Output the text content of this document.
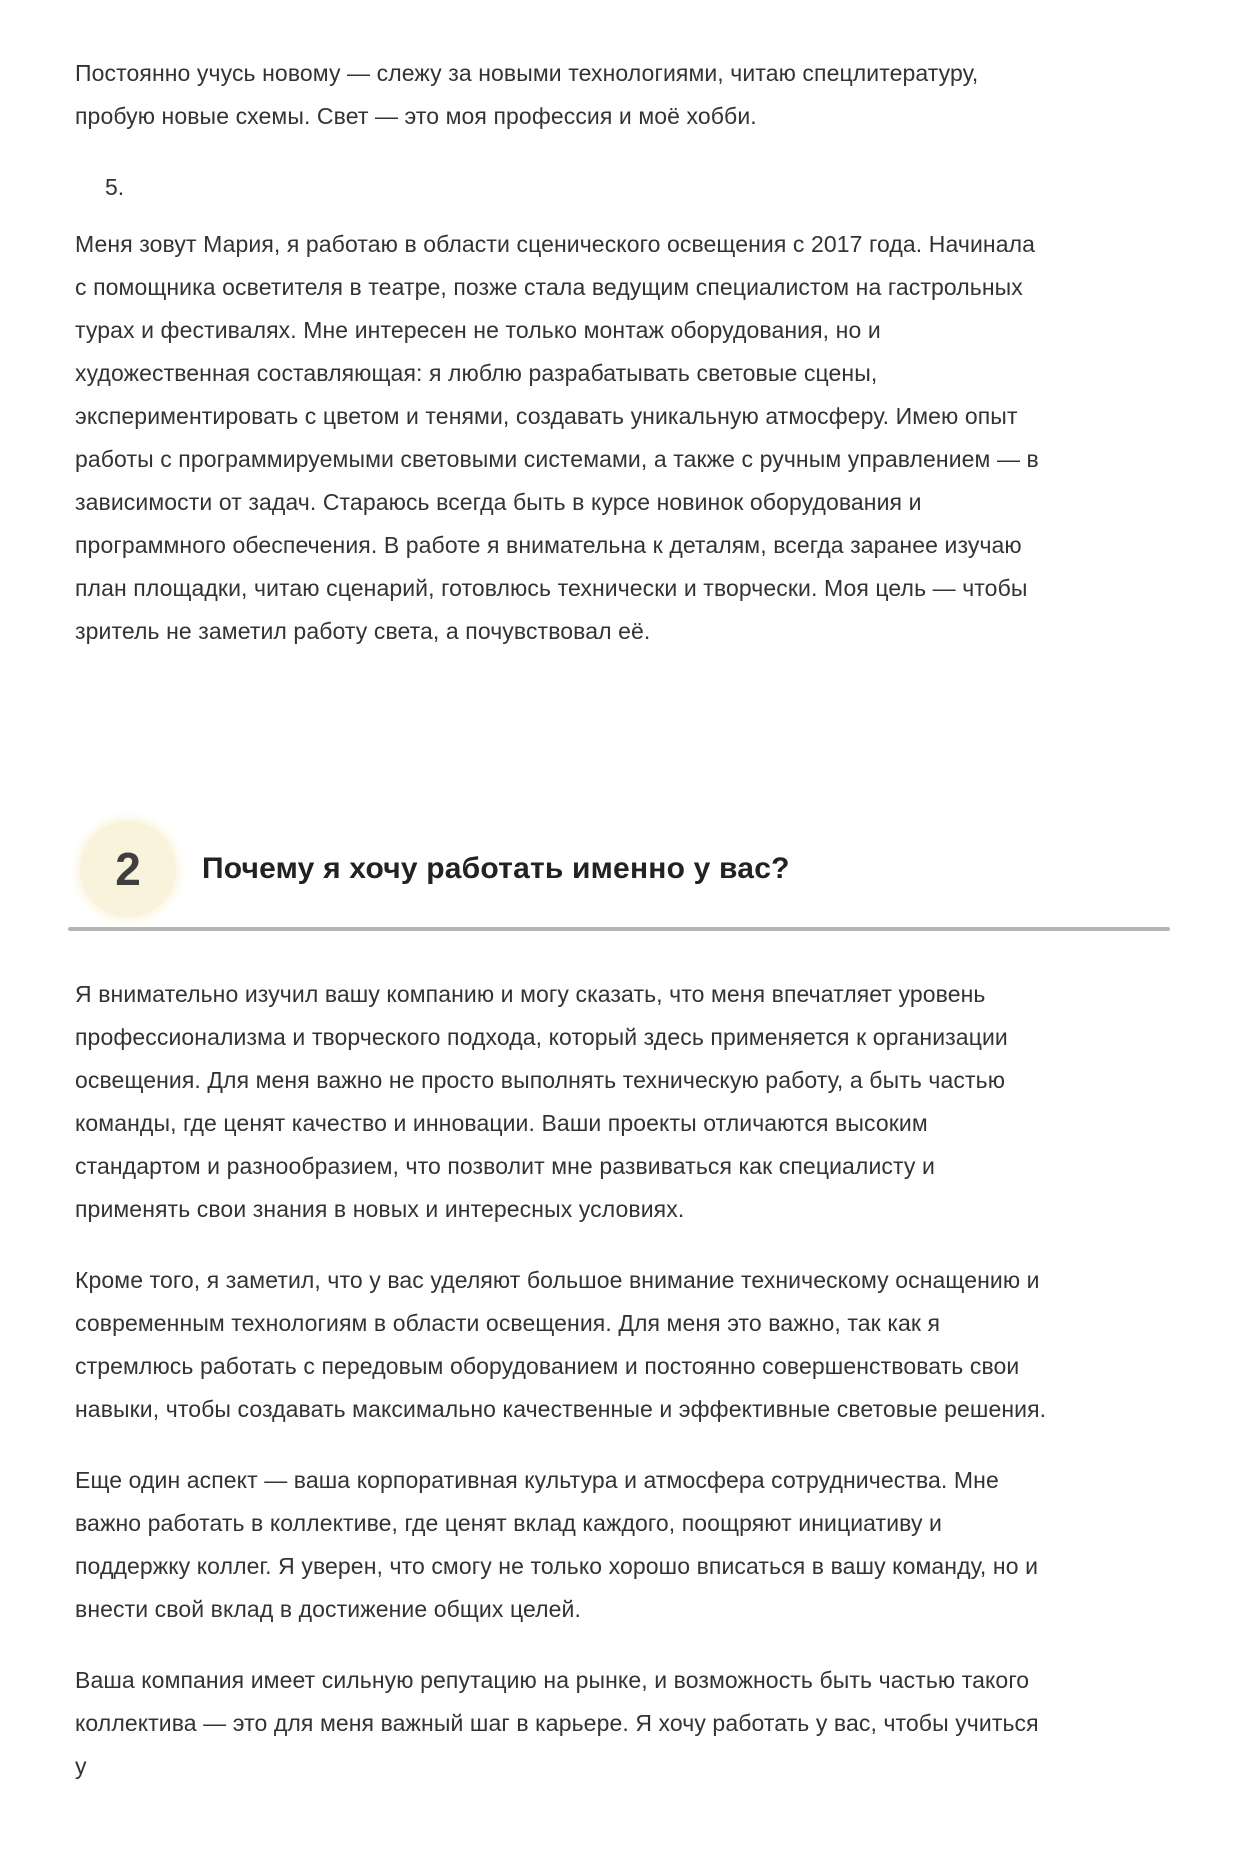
Постоянно учусь новому — слежу за новыми технологиями, читаю спецлитературу, пробую новые схемы. Свет — это моя профессия и моё хобби.

5.

Меня зовут Мария, я работаю в области сценического освещения с 2017 года. Начинала с помощника осветителя в театре, позже стала ведущим специалистом на гастрольных турах и фестивалях. Мне интересен не только монтаж оборудования, но и художественная составляющая: я люблю разрабатывать световые сцены, экспериментировать с цветом и тенями, создавать уникальную атмосферу. Имею опыт работы с программируемыми световыми системами, а также с ручным управлением — в зависимости от задач. Стараюсь всегда быть в курсе новинок оборудования и программного обеспечения. В работе я внимательна к деталям, всегда заранее изучаю план площадки, читаю сценарий, готовлюсь технически и творчески. Моя цель — чтобы зритель не заметил работу света, а почувствовал её.

2	Почему я хочу работать именно у вас?

Я внимательно изучил вашу компанию и могу сказать, что меня впечатляет уровень профессионализма и творческого подхода, который здесь применяется к организации освещения. Для меня важно не просто выполнять техническую работу, а быть частью команды, где ценят качество и инновации. Ваши проекты отличаются высоким стандартом и разнообразием, что позволит мне развиваться как специалисту и применять свои знания в новых и интересных условиях.

Кроме того, я заметил, что у вас уделяют большое внимание техническому оснащению и современным технологиям в области освещения. Для меня это важно, так как я стремлюсь работать с передовым оборудованием и постоянно совершенствовать свои навыки, чтобы создавать максимально качественные и эффективные световые решения.

Еще один аспект — ваша корпоративная культура и атмосфера сотрудничества. Мне важно работать в коллективе, где ценят вклад каждого, поощряют инициативу и поддержку коллег. Я уверен, что смогу не только хорошо вписаться в вашу команду, но и внести свой вклад в достижение общих целей.

Ваша компания имеет сильную репутацию на рынке, и возможность быть частью такого коллектива — это для меня важный шаг в карьере. Я хочу работать у вас, чтобы учиться у
